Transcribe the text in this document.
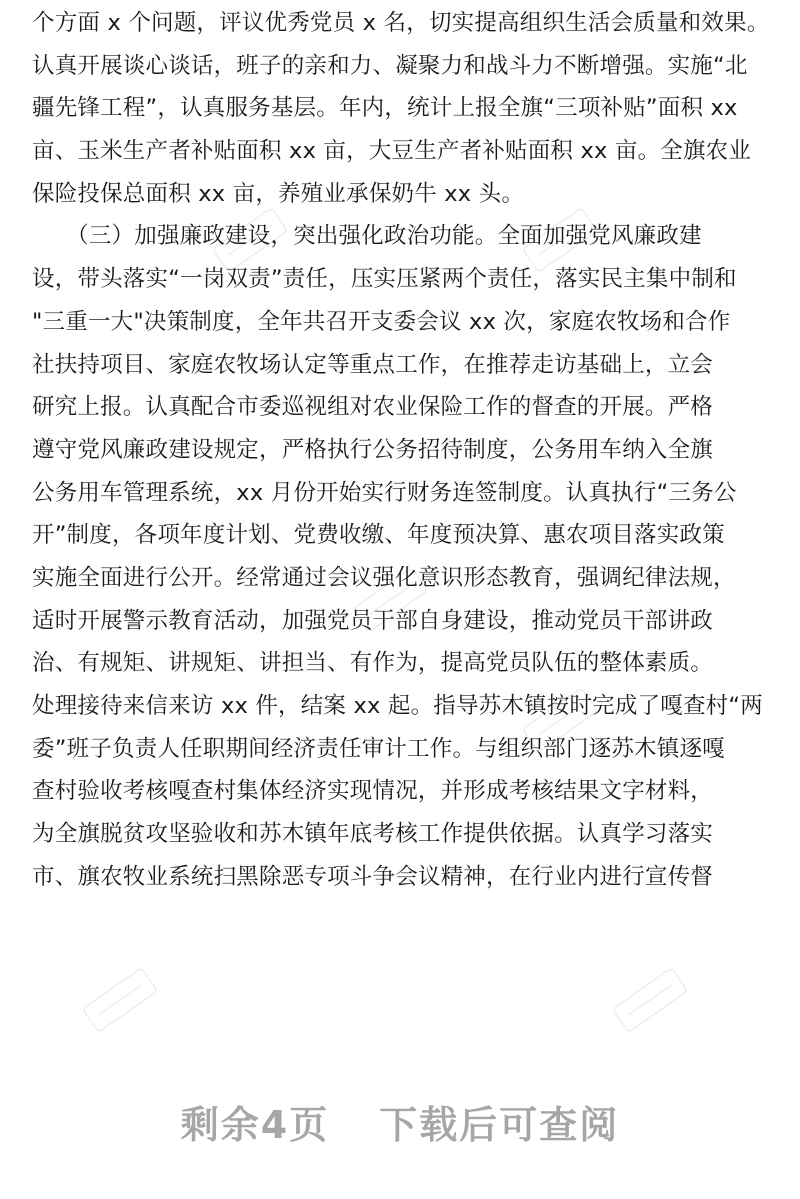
个方面 x 个问题，评议优秀党员 x 名，切实提高组织生活会质量和效果。
认真开展谈心谈话，班子的亲和力、凝聚力和战斗力不断增强。实施“北
疆先锋工程”，认真服务基层。年内，统计上报全旗“三项补贴”面积 xx
亩、玉米生产者补贴面积 xx 亩，大豆生产者补贴面积 xx 亩。全旗农业
保险投保总面积 xx 亩，养殖业承保奶牛 xx 头。
　　（三）加强廉政建设，突出强化政治功能。全面加强党风廉政建
设，带头落实“一岗双责”责任，压实压紧两个责任，落实民主集中制和
"三重一大"决策制度，全年共召开支委会议 xx 次，家庭农牧场和合作
社扶持项目、家庭农牧场认定等重点工作，在推荐走访基础上，立会
研究上报。认真配合市委巡视组对农业保险工作的督查的开展。严格
遵守党风廉政建设规定，严格执行公务招待制度，公务用车纳入全旗
公务用车管理系统，xx 月份开始实行财务连签制度。认真执行“三务公
开”制度，各项年度计划、党费收缴、年度预决算、惠农项目落实政策
实施全面进行公开。经常通过会议强化意识形态教育，强调纪律法规，
适时开展警示教育活动，加强党员干部自身建设，推动党员干部讲政
治、有规矩、讲规矩、讲担当、有作为，提高党员队伍的整体素质。
处理接待来信来访 xx 件，结案 xx 起。指导苏木镇按时完成了嘎查村“两
委”班子负责人任职期间经济责任审计工作。与组织部门逐苏木镇逐嘎
查村验收考核嘎查村集体经济实现情况，并形成考核结果文字材料，
为全旗脱贫攻坚验收和苏木镇年底考核工作提供依据。认真学习落实
市、旗农牧业系统扫黑除恶专项斗争会议精神，在行业内进行宣传督
剩余4页 下载后可查阅
